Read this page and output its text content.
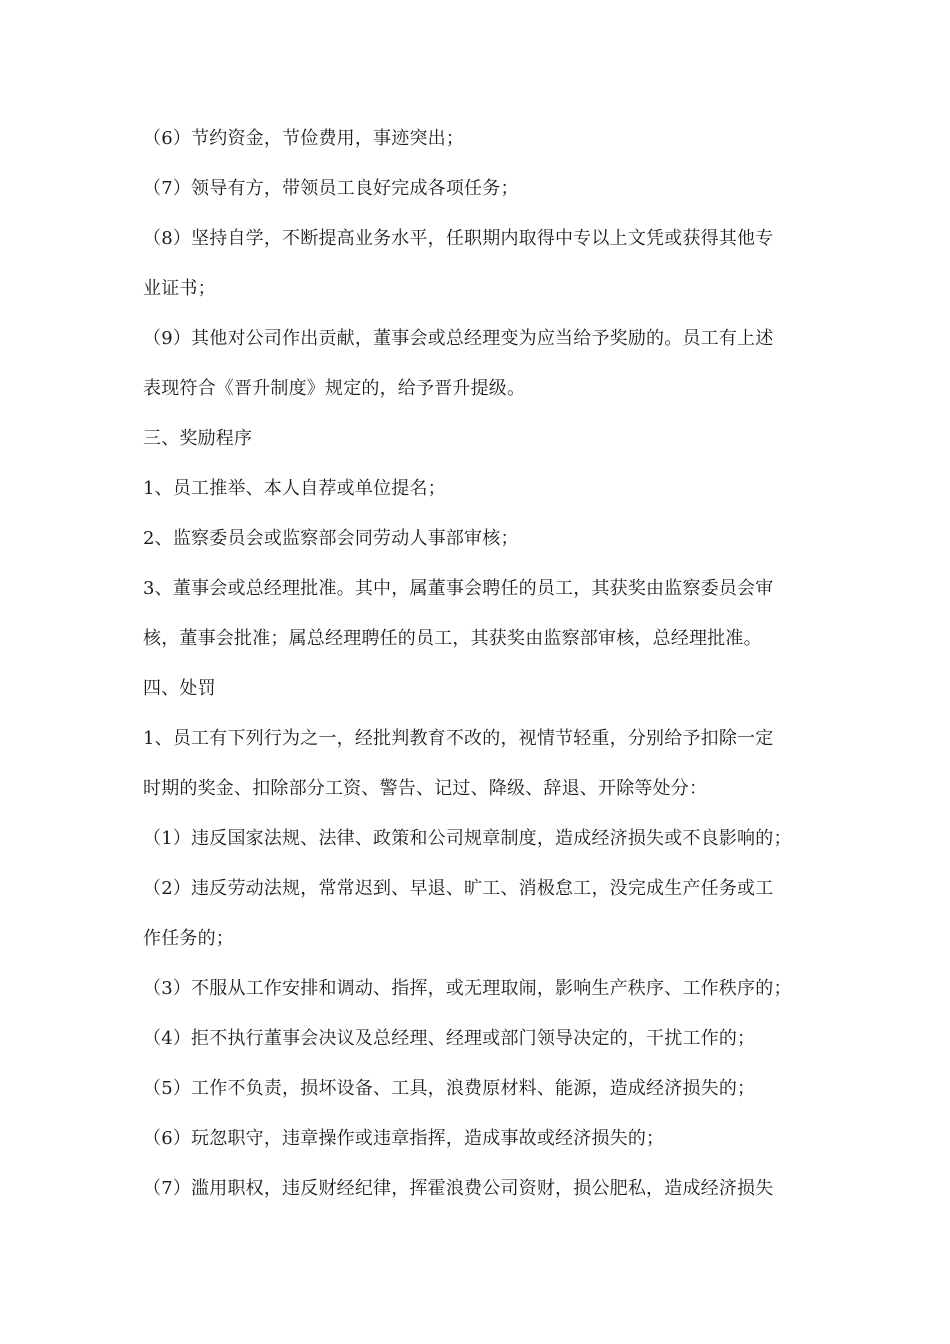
（6）节约资金，节俭费用，事迹突出；
（7）领导有方，带领员工良好完成各项任务；
（8）坚持自学，不断提高业务水平，任职期内取得中专以上文凭或获得其他专
业证书；
（9）其他对公司作出贡献，董事会或总经理变为应当给予奖励的。员工有上述
表现符合《晋升制度》规定的，给予晋升提级。
三、奖励程序
1、员工推举、本人自荐或单位提名；
2、监察委员会或监察部会同劳动人事部审核；
3、董事会或总经理批准。其中，属董事会聘任的员工，其获奖由监察委员会审
核，董事会批准；属总经理聘任的员工，其获奖由监察部审核，总经理批准。
四、处罚
1、员工有下列行为之一，经批判教育不改的，视情节轻重，分别给予扣除一定
时期的奖金、扣除部分工资、警告、记过、降级、辞退、开除等处分：
（1）违反国家法规、法律、政策和公司规章制度，造成经济损失或不良影响的；
（2）违反劳动法规，常常迟到、早退、旷工、消极怠工，没完成生产任务或工
作任务的；
（3）不服从工作安排和调动、指挥，或无理取闹，影响生产秩序、工作秩序的；
（4）拒不执行董事会决议及总经理、经理或部门领导决定的，干扰工作的；
（5）工作不负责，损坏设备、工具，浪费原材料、能源，造成经济损失的；
（6）玩忽职守，违章操作或违章指挥，造成事故或经济损失的；
（7）滥用职权，违反财经纪律，挥霍浪费公司资财，损公肥私，造成经济损失
